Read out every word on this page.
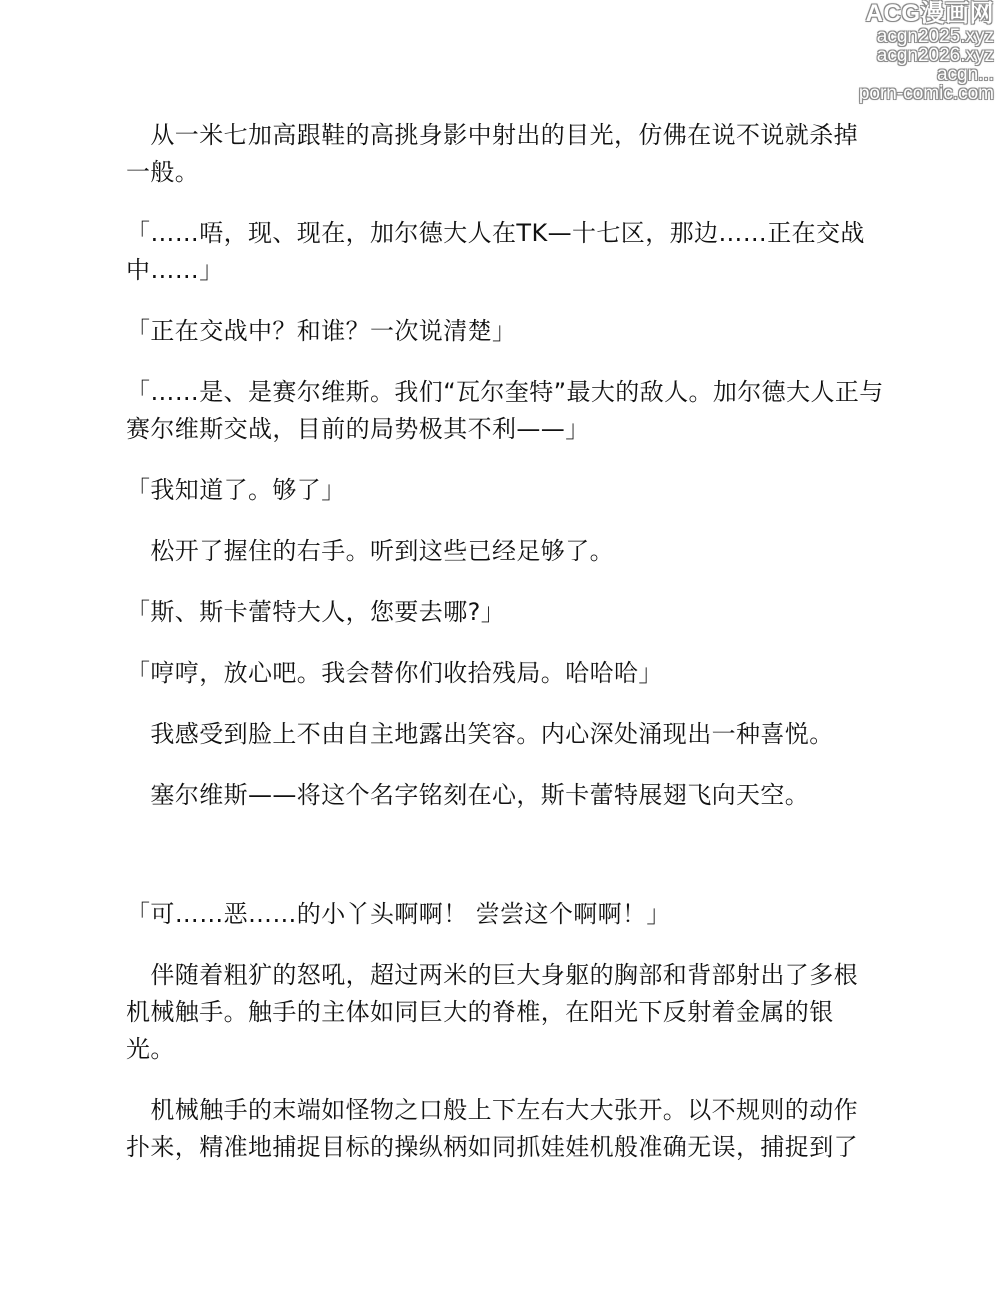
ACG漫画网
acgn2025.xyz
acgn2026.xyz
acgn...
porn-comic.com

　从一米七加高跟鞋的高挑身影中射出的目光，仿佛在说不说就杀掉
一般。

「……唔，现、现在，加尔德大人在TK—十七区，那边……正在交战
中……」

「正在交战中？和谁？一次说清楚」

「……是、是赛尔维斯。我们“瓦尔奎特”最大的敌人。加尔德大人正与
赛尔维斯交战，目前的局势极其不利——」

「我知道了。够了」

　松开了握住的右手。听到这些已经足够了。

「斯、斯卡蕾特大人，您要去哪?」

「哼哼，放心吧。我会替你们收拾残局。哈哈哈」

　我感受到脸上不由自主地露出笑容。内心深处涌现出一种喜悦。

　塞尔维斯——将这个名字铭刻在心，斯卡蕾特展翅飞向天空。

「可……恶……的小丫头啊啊！ 尝尝这个啊啊！」

　伴随着粗犷的怒吼，超过两米的巨大身躯的胸部和背部射出了多根
机械触手。触手的主体如同巨大的脊椎，在阳光下反射着金属的银
光。

　机械触手的末端如怪物之口般上下左右大大张开。以不规则的动作
扑来，精准地捕捉目标的操纵柄如同抓娃娃机般准确无误，捕捉到了
